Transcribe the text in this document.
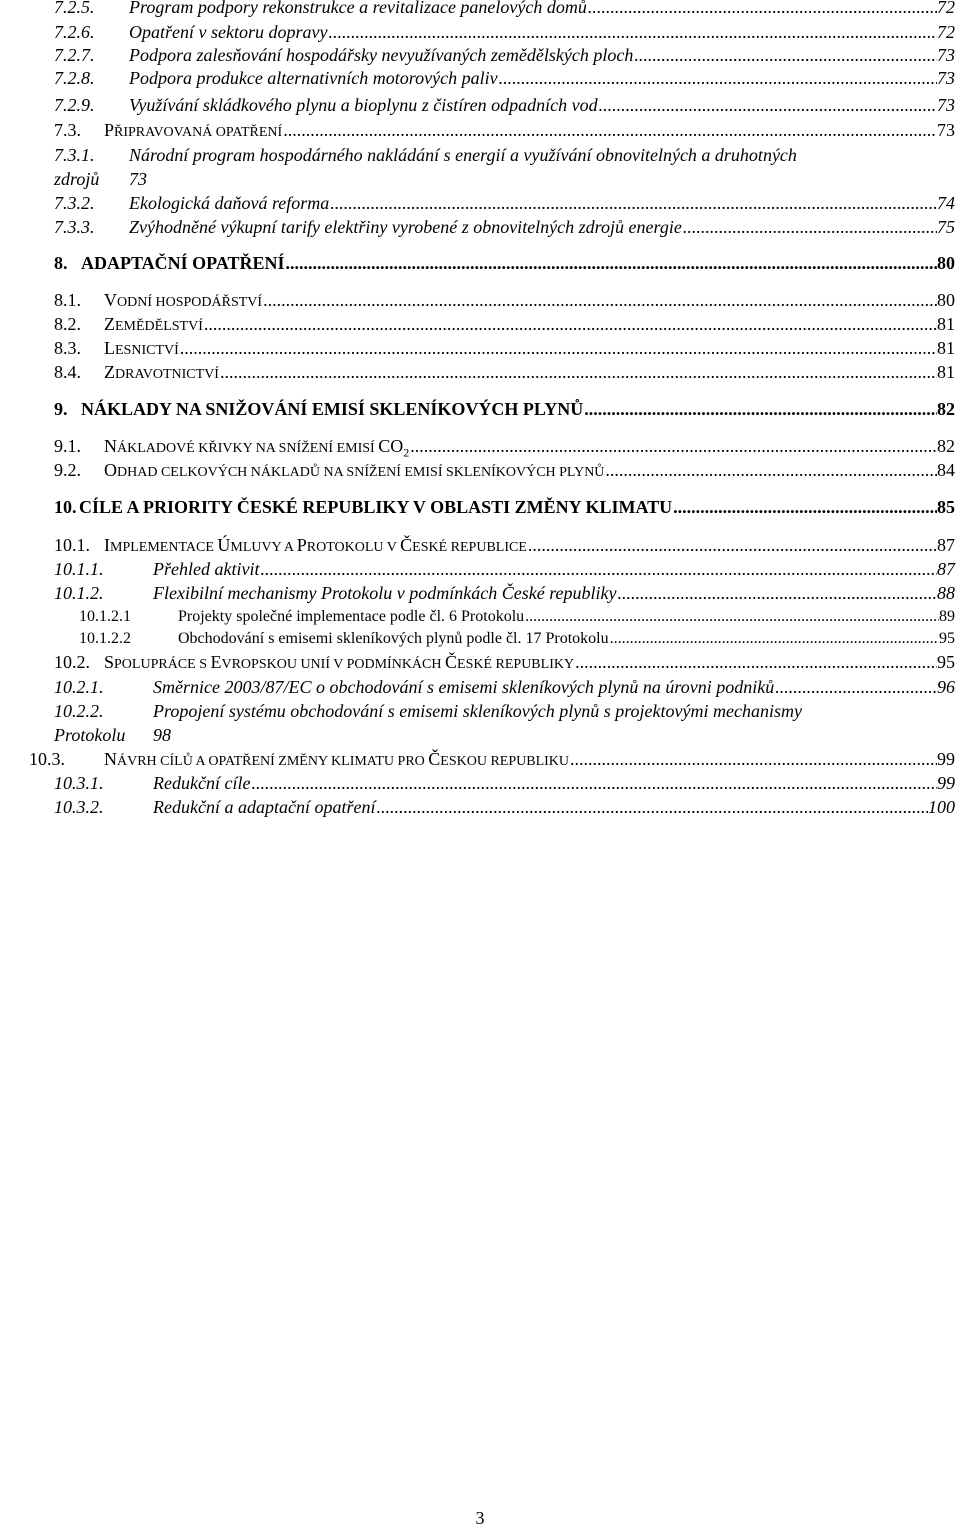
7.2.5. Program podpory rekonstrukce a revitalizace panelových domů .....	72
7.2.6. Opatření v sektoru dopravy .....	72
7.2.7. Podpora zalesňování hospodářsky nevyužívaných zemědělských ploch .....	73
7.2.8. Podpora produkce alternativních motorových paliv .....	73
7.2.9. Využívání skládkového plynu a bioplynu z čistíren odpadních vod .....	73
7.3. PŘIPRAVOVANÁ OPATŘENÍ .....	73
7.3.1. Národní program hospodárného nakládání s energií a využívání obnovitelných a druhotných
zdrojů 73
7.3.2. Ekologická daňová reforma .....	74
7.3.3. Zvýhodněné výkupní tarify elektřiny vyrobené z obnovitelných zdrojů energie .....	75
8. ADAPTAČNÍ OPATŘENÍ .....	80
8.1. VODNÍ HOSPODÁŘSTVÍ .....	80
8.2. ZEMĚDĚLSTVÍ .....	81
8.3. LESNICTVÍ .....	81
8.4. ZDRAVOTNICTVÍ .....	81
9. NÁKLADY NA SNIŽOVÁNÍ EMISÍ SKLENÍKOVÝCH PLYNŮ .....	82
9.1. NÁKLADOVÉ KŘIVKY NA SNÍŽENÍ EMISÍ $CO_2$ .....	82
9.2. ODHAD CELKOVÝCH NÁKLADŮ NA SNÍŽENÍ EMISÍ SKLENÍKOVÝCH PLYNŮ .....	84
10. CÍLE A PRIORITY ČESKÉ REPUBLIKY V OBLASTI ZMĚNY KLIMATU .....	85
10.1. IMPLEMENTACE ÚMLUVY A PROTOKOLU V ČESKÉ REPUBLICE .....	87
10.1.1.	Přehled aktivit .....	87
10.1.2.	Flexibilní mechanismy Protokolu v podmínkách České republiky .....	88
10.1.2.1	Projekty společné implementace podle čl. 6 Protokolu .....	89
10.1.2.2	Obchodování s emisemi skleníkových plynů podle čl. 17 Protokolu .....	95
10.2. SPOLUPRÁCE S EVROPSKOU UNIÍ V PODMÍNKÁCH ČESKÉ REPUBLIKY .....	95
10.2.1.	Směrnice 2003/87/EC o obchodování s emisemi skleníkových plynů na úrovni podniků .....	96
10.2.2.	Propojení systému obchodování s emisemi skleníkových plynů s projektovými mechanismy
Protokolu 98
10.3. NÁVRH CÍLŮ A OPATŘENÍ ZMĚNY KLIMATU PRO ČESKOU REPUBLIKU .....	99
10.3.1.	Redukční cíle .....	99
10.3.2.	Redukční a adaptační opatření .....	100
3
